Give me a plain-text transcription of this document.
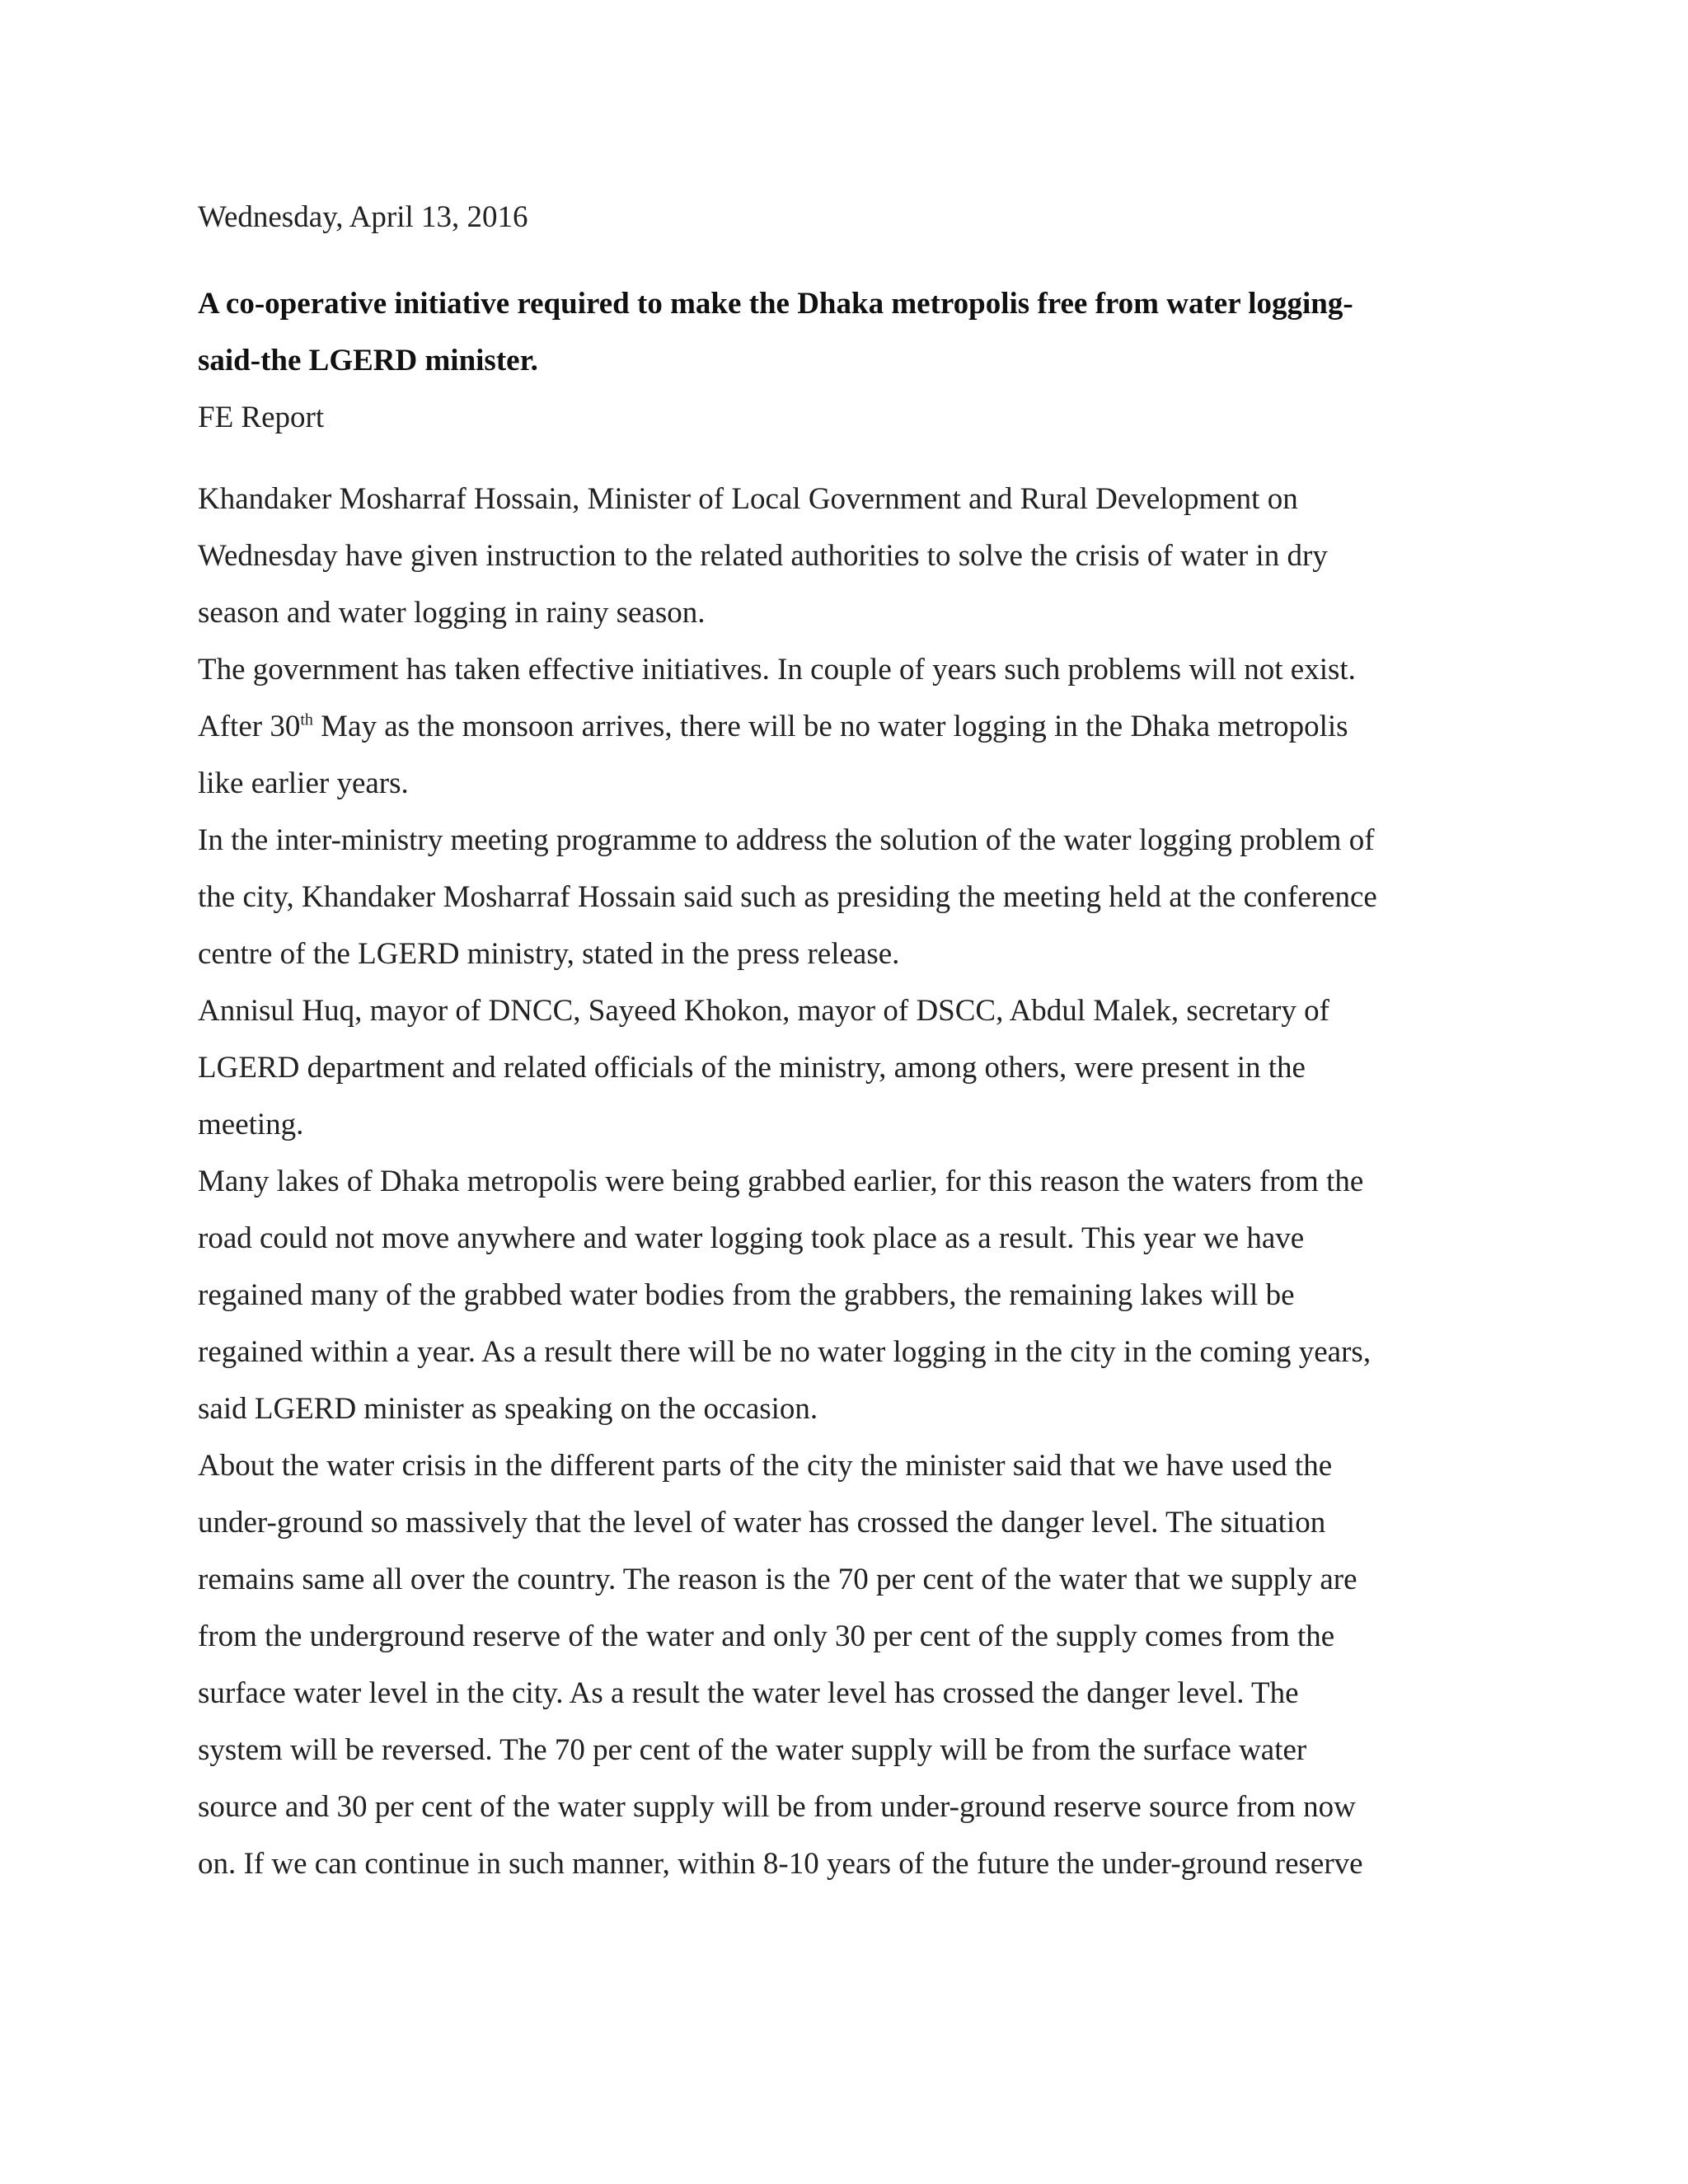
Wednesday, April 13, 2016

A co-operative initiative required to make the Dhaka metropolis free from water logging-
said-the LGERD minister.

FE Report

Khandaker Mosharraf Hossain, Minister of Local Government and Rural Development on
Wednesday have given instruction to the related authorities to solve the crisis of water in dry
season and water logging in rainy season.

The government has taken effective initiatives. In couple of years such problems will not exist.
After 30th May as the monsoon arrives, there will be no water logging in the Dhaka metropolis
like earlier years.

In the inter-ministry meeting programme to address the solution of the water logging problem of
the city, Khandaker Mosharraf Hossain said such as presiding the meeting held at the conference
centre of the LGERD ministry, stated in the press release.

Annisul Huq, mayor of DNCC, Sayeed Khokon, mayor of DSCC, Abdul Malek, secretary of
LGERD department and related officials of the ministry, among others, were present in the
meeting.

Many lakes of Dhaka metropolis were being grabbed earlier, for this reason the waters from the
road could not move anywhere and water logging took place as a result. This year we have
regained many of the grabbed water bodies from the grabbers, the remaining lakes will be
regained within a year. As a result there will be no water logging in the city in the coming years,
said LGERD minister as speaking on the occasion.

About the water crisis in the different parts of the city the minister said that we have used the
under-ground so massively that the level of water has crossed the danger level. The situation
remains same all over the country. The reason is the 70 per cent of the water that we supply are
from the underground reserve of the water and only 30 per cent of the supply comes from the
surface water level in the city. As a result the water level has crossed the danger level. The
system will be reversed. The 70 per cent of the water supply will be from the surface water
source and 30 per cent of the water supply will be from under-ground reserve source from now
on. If we can continue in such manner, within 8-10 years of the future the under-ground reserve
